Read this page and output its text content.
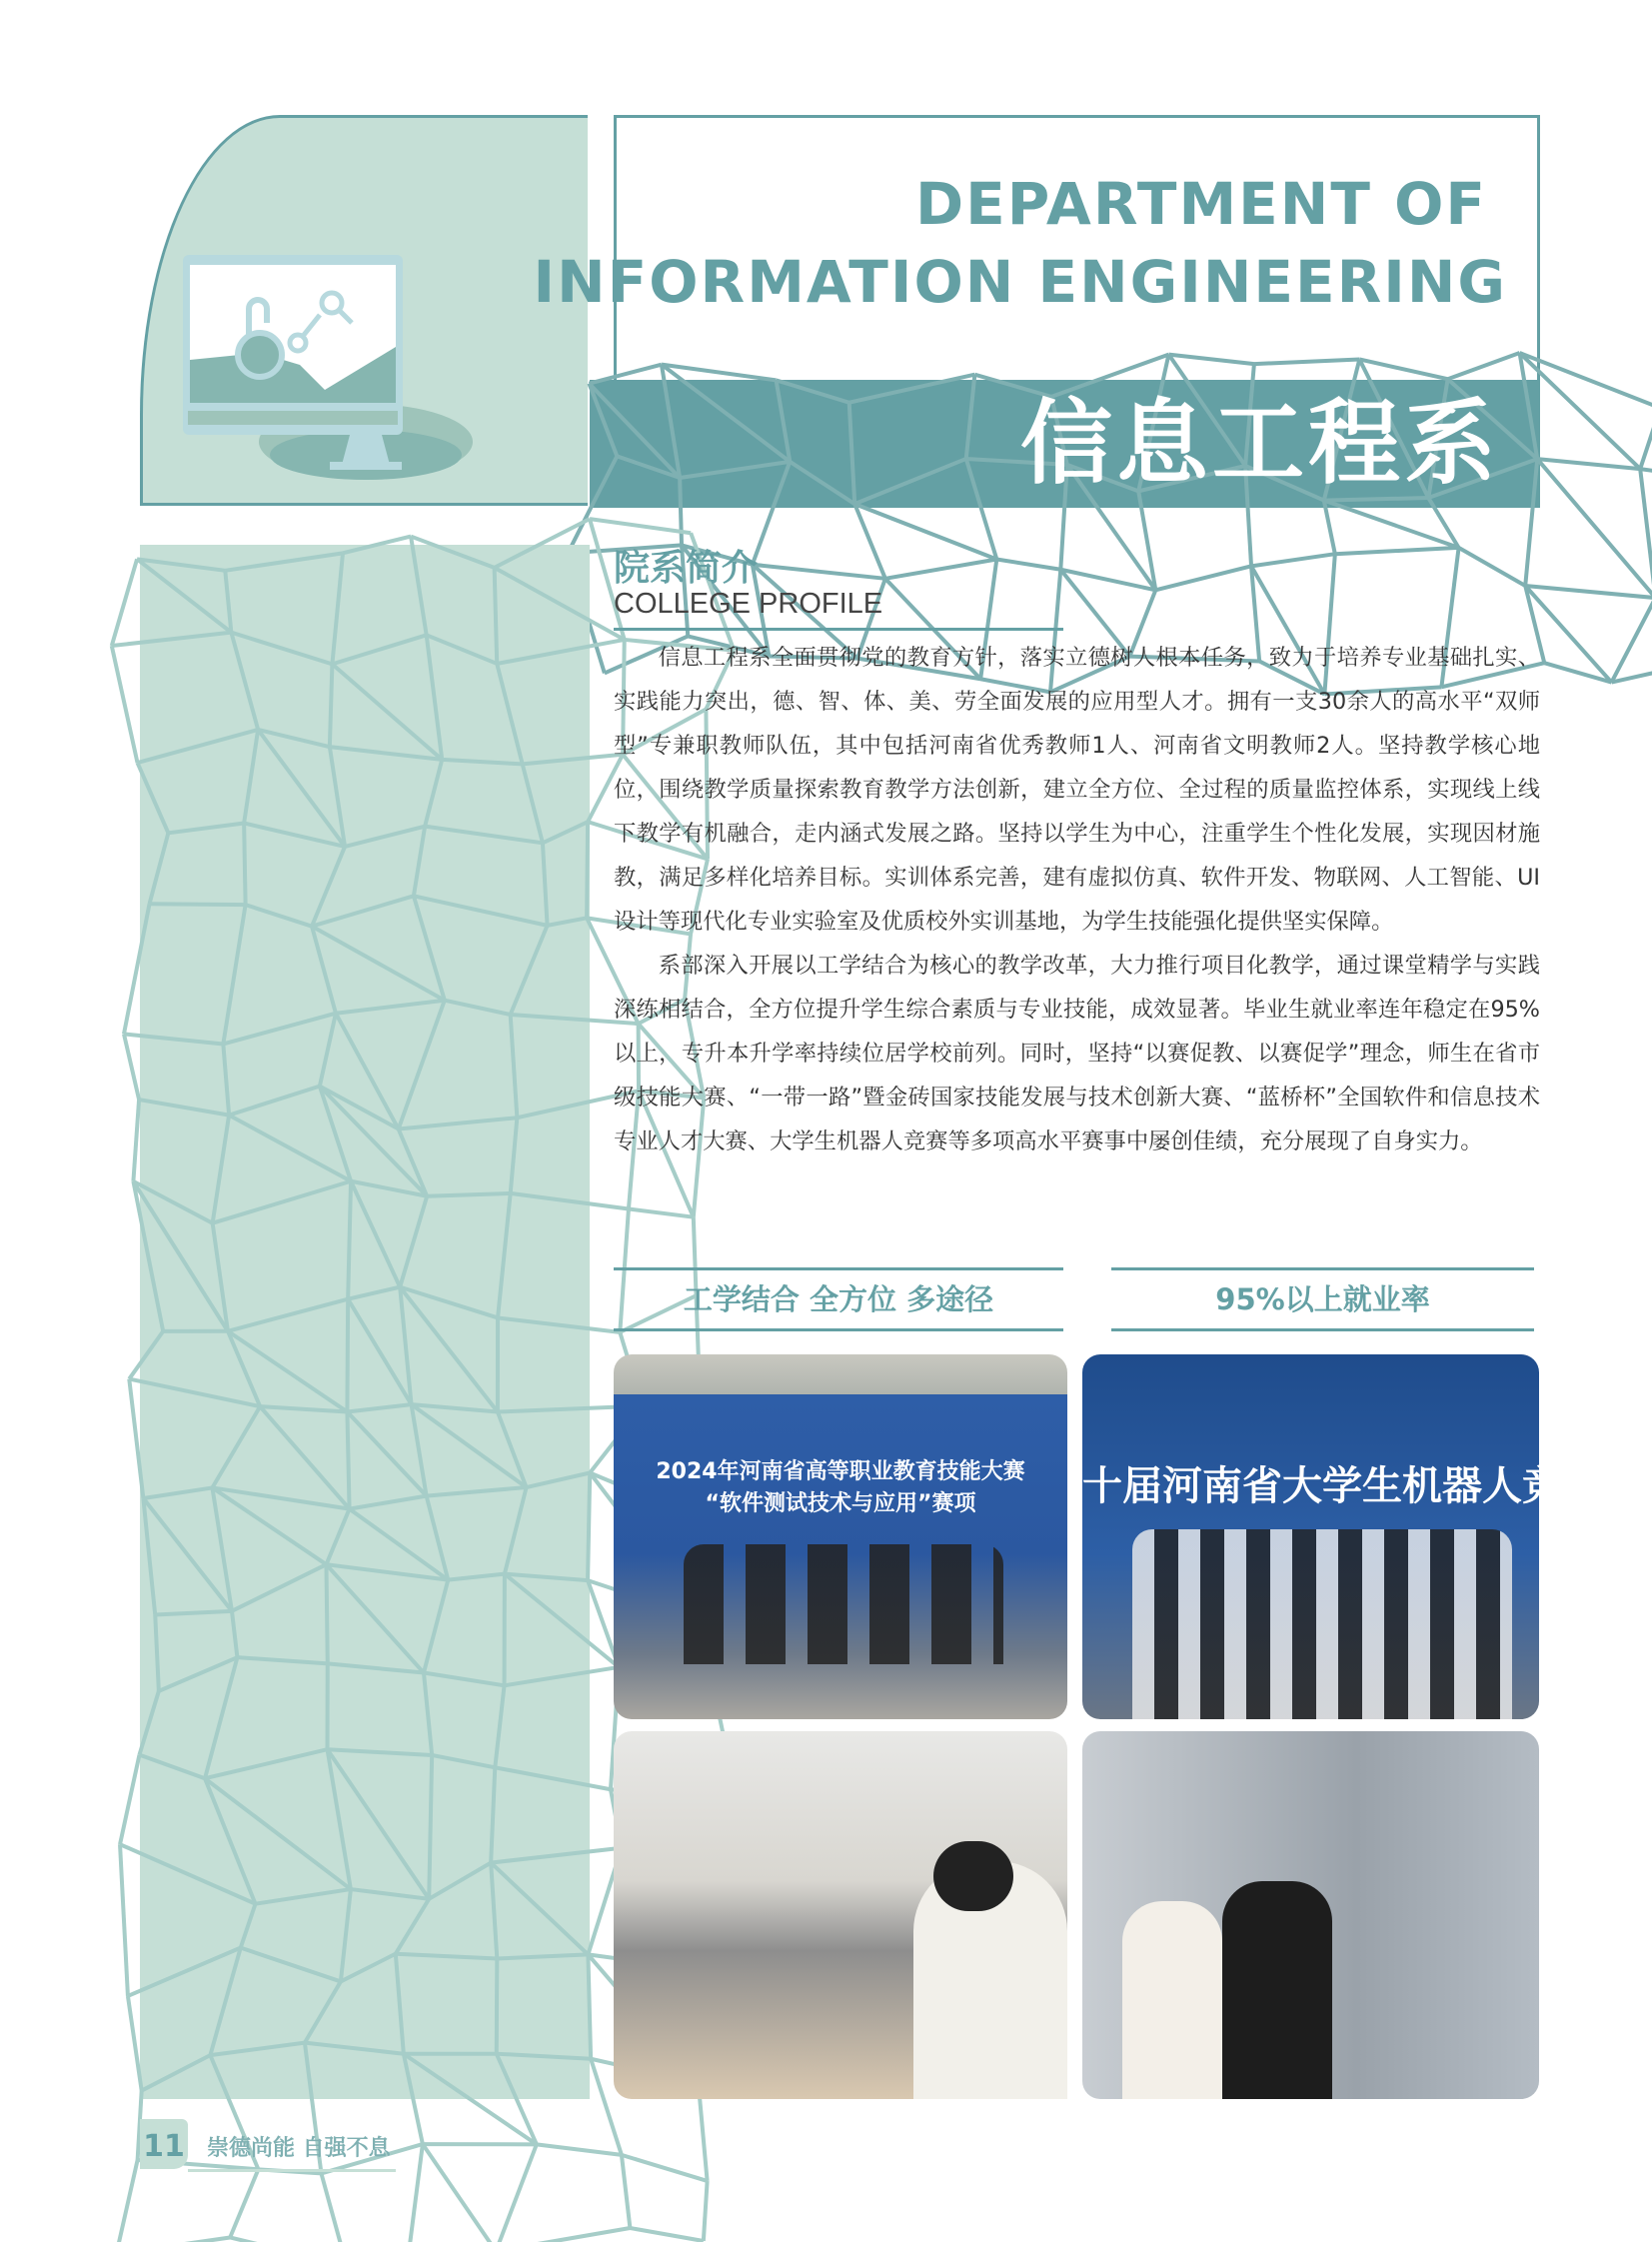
DEPARTMENT OF
INFORMATION ENGINEERING
信息工程系
院系简介
COLLEGE PROFILE

信息工程系全面贯彻党的教育方针，落实立德树人根本任务，致力于培养专业基础扎实、实践能力突出，德、智、体、美、劳全面发展的应用型人才。拥有一支30余人的高水平“双师型”专兼职教师队伍，其中包括河南省优秀教师1人、河南省文明教师2人。坚持教学核心地位，围绕教学质量探索教育教学方法创新，建立全方位、全过程的质量监控体系，实现线上线下教学有机融合，走内涵式发展之路。坚持以学生为中心，注重学生个性化发展，实现因材施教，满足多样化培养目标。实训体系完善，建有虚拟仿真、软件开发、物联网、人工智能、UI设计等现代化专业实验室及优质校外实训基地，为学生技能强化提供坚实保障。

系部深入开展以工学结合为核心的教学改革，大力推行项目化教学，通过课堂精学与实践深练相结合，全方位提升学生综合素质与专业技能，成效显著。毕业生就业率连年稳定在95%以上，专升本升学率持续位居学校前列。同时，坚持“以赛促教、以赛促学”理念，师生在省市级技能大赛、“一带一路”暨金砖国家技能发展与技术创新大赛、“蓝桥杯”全国软件和信息技术专业人才大赛、大学生机器人竞赛等多项高水平赛事中屡创佳绩，充分展现了自身实力。

工学结合 全方位 多途径	95%以上就业率
2024年河南省高等职业教育技能大赛
“软件测试技术与应用”赛项	十届河南省大学生机器人竞赛
11 崇德尚能 自强不息
